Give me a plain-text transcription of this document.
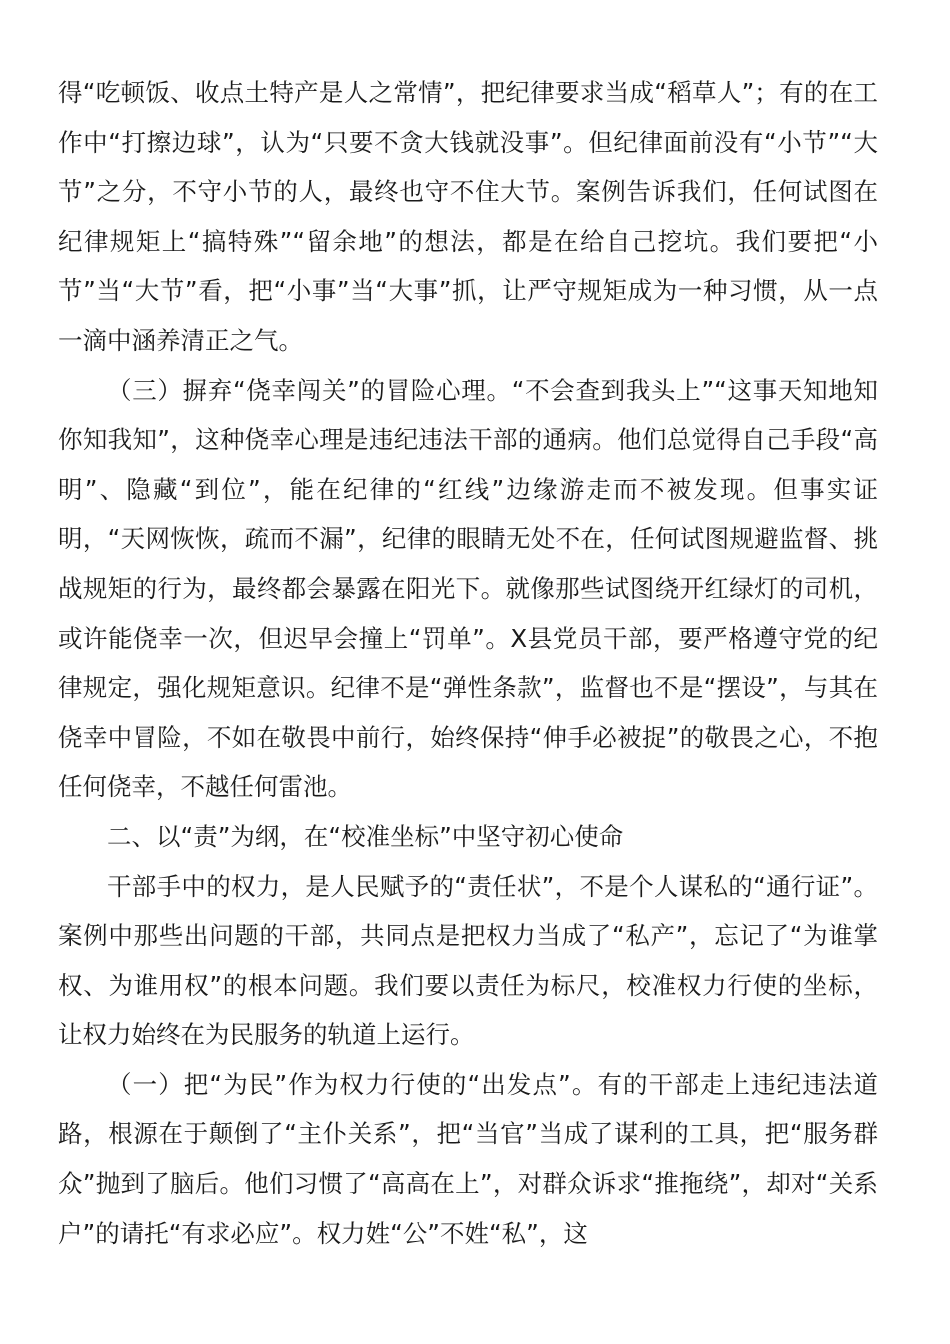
得“吃顿饭、收点土特产是人之常情”，把纪律要求当成“稻草人”；有的在工作中“打擦边球”，认为“只要不贪大钱就没事”。但纪律面前没有“小节”“大节”之分，不守小节的人，最终也守不住大节。案例告诉我们，任何试图在纪律规矩上“搞特殊”“留余地”的想法，都是在给自己挖坑。我们要把“小节”当“大节”看，把“小事”当“大事”抓，让严守规矩成为一种习惯，从一点一滴中涵养清正之气。

（三）摒弃“侥幸闯关”的冒险心理。“不会查到我头上”“这事天知地知你知我知”，这种侥幸心理是违纪违法干部的通病。他们总觉得自己手段“高明”、隐藏“到位”，能在纪律的“红线”边缘游走而不被发现。但事实证明，“天网恢恢，疏而不漏”，纪律的眼睛无处不在，任何试图规避监督、挑战规矩的行为，最终都会暴露在阳光下。就像那些试图绕开红绿灯的司机，或许能侥幸一次，但迟早会撞上“罚单”。X县党员干部，要严格遵守党的纪律规定，强化规矩意识。纪律不是“弹性条款”，监督也不是“摆设”，与其在侥幸中冒险，不如在敬畏中前行，始终保持“伸手必被捉”的敬畏之心，不抱任何侥幸，不越任何雷池。

二、以“责”为纲，在“校准坐标”中坚守初心使命

干部手中的权力，是人民赋予的“责任状”，不是个人谋私的“通行证”。案例中那些出问题的干部，共同点是把权力当成了“私产”，忘记了“为谁掌权、为谁用权”的根本问题。我们要以责任为标尺，校准权力行使的坐标，让权力始终在为民服务的轨道上运行。

（一）把“为民”作为权力行使的“出发点”。有的干部走上违纪违法道路，根源在于颠倒了“主仆关系”，把“当官”当成了谋利的工具，把“服务群众”抛到了脑后。他们习惯了“高高在上”，对群众诉求“推拖绕”，却对“关系户”的请托“有求必应”。权力姓“公”不姓“私”，这
